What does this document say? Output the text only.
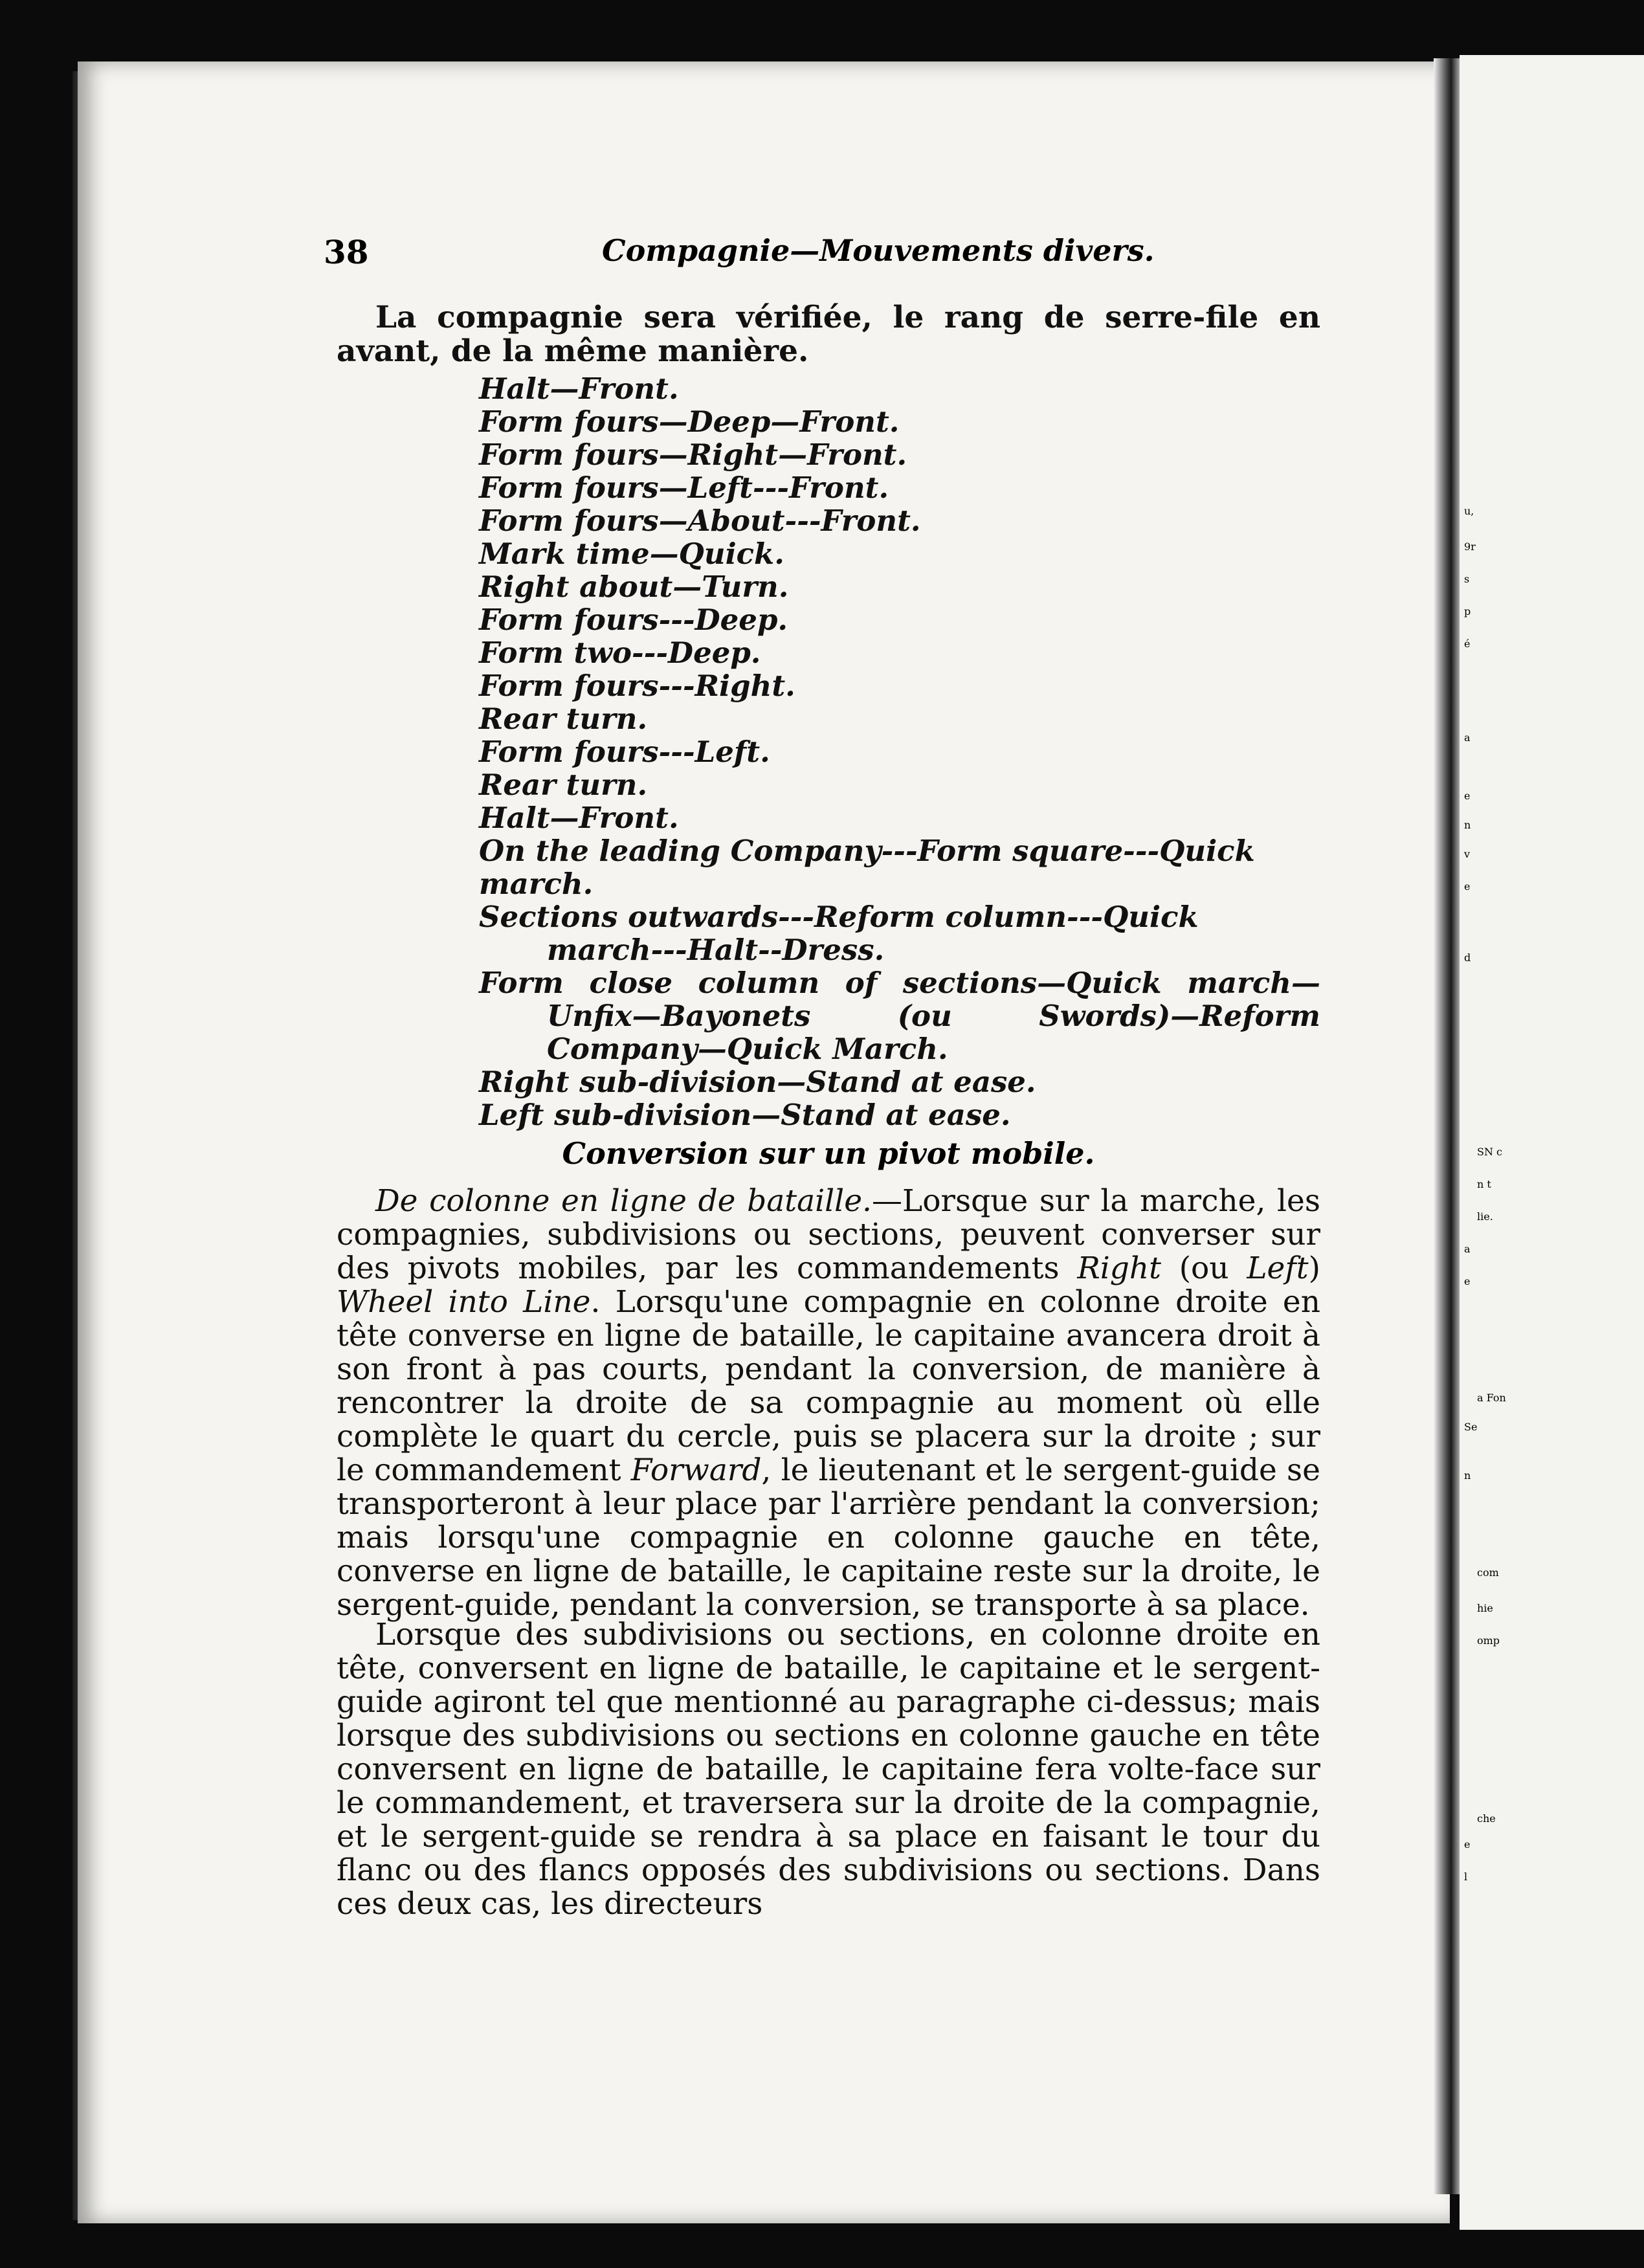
u,
9r
s
p
é
a
e
n
v
e
d
SN c
n t
lie.
a
e
a Fon
Se
n
com
hie
omp
che
e
l
38	Compagnie—Mouvements divers.
La compagnie sera vérifiée, le rang de serre-file en avant, de la même manière.

Halt—Front.

Form fours—Deep—Front.

Form fours—Right—Front.

Form fours—Left---Front.

Form fours—About---Front.

Mark time—Quick.

Right about—Turn.

Form fours---Deep.

Form two---Deep.

Form fours---Right.

Rear turn.

Form fours---Left.

Rear turn.

Halt—Front.

On the leading Company---Form square---Quick march.

Sections outwards---Reform column---Quick march---Halt--Dress.

Form close column of sections—Quick march—Unfix—Bayonets (ou Swords)—Reform Company—Quick March.

Right sub-division—Stand at ease.

Left sub-division—Stand at ease.

Conversion sur un pivot mobile.

De colonne en ligne de bataille.—Lorsque sur la marche, les compagnies, subdivisions ou sections, peuvent converser sur des pivots mobiles, par les commandements Right (ou Left) Wheel into Line. Lorsqu'une compagnie en colonne droite en tête converse en ligne de bataille, le capitaine avancera droit à son front à pas courts, pendant la conversion, de manière à rencontrer la droite de sa compagnie au moment où elle complète le quart du cercle, puis se placera sur la droite ; sur le commandement Forward, le lieutenant et le sergent-guide se transporteront à leur place par l'arrière pendant la conversion; mais lorsqu'une compagnie en colonne gauche en tête, converse en ligne de bataille, le capitaine reste sur la droite, le sergent-guide, pendant la conversion, se transporte à sa place.

Lorsque des subdivisions ou sections, en colonne droite en tête, conversent en ligne de bataille, le capitaine et le sergent-guide agiront tel que mentionné au paragraphe ci-dessus; mais lorsque des subdivisions ou sections en colonne gauche en tête conversent en ligne de bataille, le capitaine fera volte-face sur le commandement, et traversera sur la droite de la compagnie, et le sergent-guide se rendra à sa place en faisant le tour du flanc ou des flancs opposés des subdivisions ou sections. Dans ces deux cas, les directeurs
